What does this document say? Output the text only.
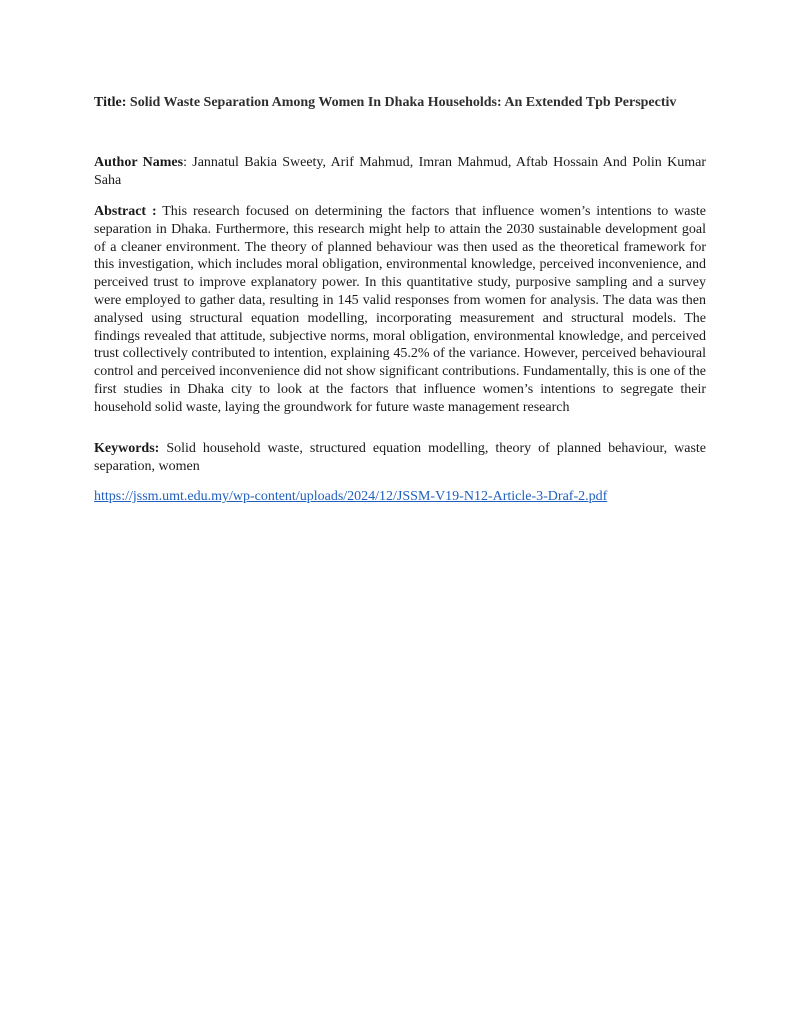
Title: Solid Waste Separation Among Women In Dhaka Households: An Extended Tpb Perspectiv
Author Names: Jannatul Bakia Sweety, Arif Mahmud, Imran Mahmud, Aftab Hossain And Polin Kumar Saha
Abstract : This research focused on determining the factors that influence women’s intentions to waste separation in Dhaka. Furthermore, this research might help to attain the 2030 sustainable development goal of a cleaner environment. The theory of planned behaviour was then used as the theoretical framework for this investigation, which includes moral obligation, environmental knowledge, perceived inconvenience, and perceived trust to improve explanatory power. In this quantitative study, purposive sampling and a survey were employed to gather data, resulting in 145 valid responses from women for analysis. The data was then analysed using structural equation modelling, incorporating measurement and structural models. The findings revealed that attitude, subjective norms, moral obligation, environmental knowledge, and perceived trust collectively contributed to intention, explaining 45.2% of the variance. However, perceived behavioural control and perceived inconvenience did not show significant contributions. Fundamentally, this is one of the first studies in Dhaka city to look at the factors that influence women’s intentions to segregate their household solid waste, laying the groundwork for future waste management research
Keywords: Solid household waste, structured equation modelling, theory of planned behaviour, waste separation, women
https://jssm.umt.edu.my/wp-content/uploads/2024/12/JSSM-V19-N12-Article-3-Draf-2.pdf
